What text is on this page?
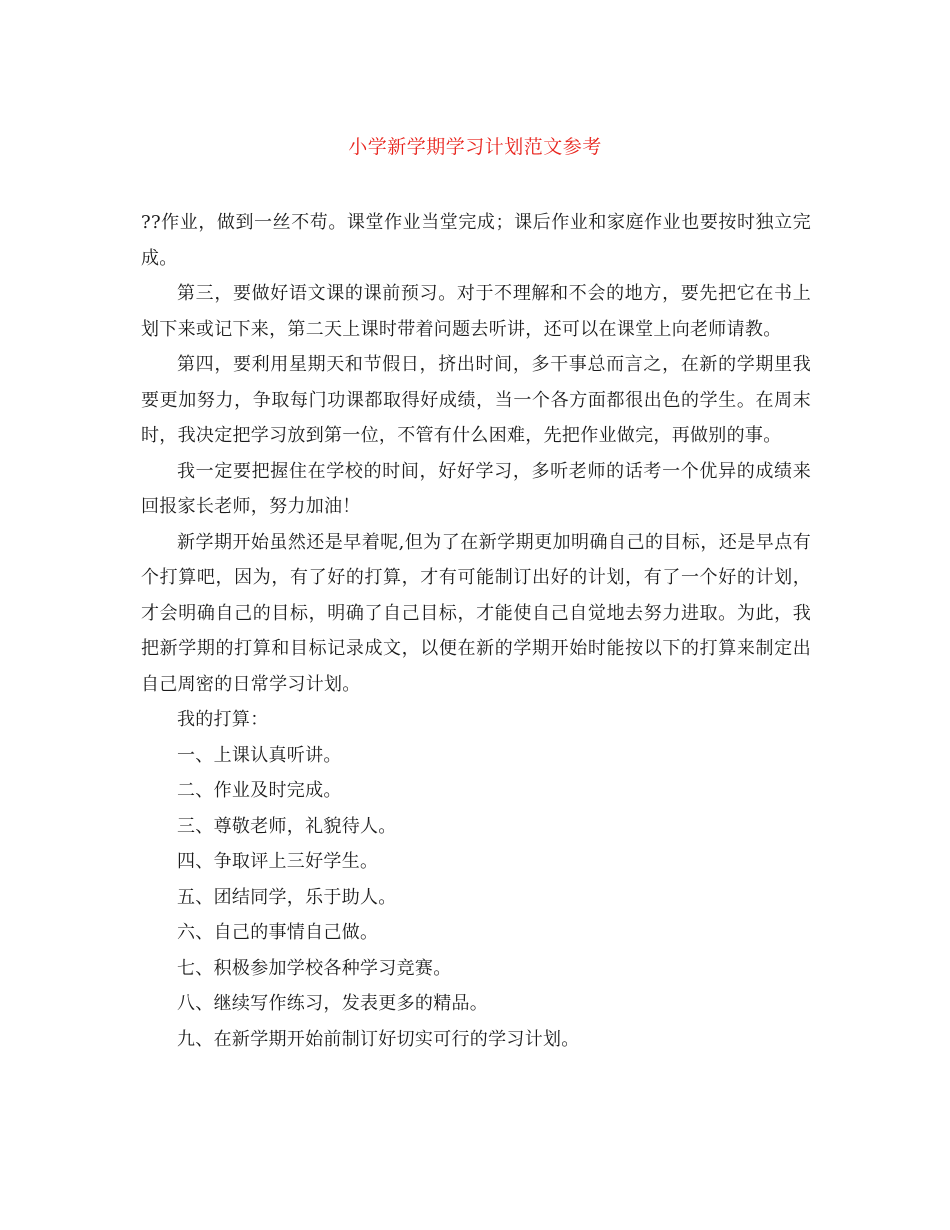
小学新学期学习计划范文参考

??作业，做到一丝不苟。课堂作业当堂完成；课后作业和家庭作业也要按时独立完成。

第三，要做好语文课的课前预习。对于不理解和不会的地方，要先把它在书上划下来或记下来，第二天上课时带着问题去听讲，还可以在课堂上向老师请教。

第四，要利用星期天和节假日，挤出时间，多干事总而言之，在新的学期里我要更加努力，争取每门功课都取得好成绩，当一个各方面都很出色的学生。在周末时，我决定把学习放到第一位，不管有什么困难，先把作业做完，再做别的事。

我一定要把握住在学校的时间，好好学习，多听老师的话考一个优异的成绩来回报家长老师，努力加油！

新学期开始虽然还是早着呢,但为了在新学期更加明确自己的目标，还是早点有个打算吧，因为，有了好的打算，才有可能制订出好的计划，有了一个好的计划，才会明确自己的目标，明确了自己目标，才能使自己自觉地去努力进取。为此，我把新学期的打算和目标记录成文，以便在新的学期开始时能按以下的打算来制定出自己周密的日常学习计划。

我的打算：

一、上课认真听讲。

二、作业及时完成。

三、尊敬老师，礼貌待人。

四、争取评上三好学生。

五、团结同学，乐于助人。

六、自己的事情自己做。

七、积极参加学校各种学习竞赛。

八、继续写作练习，发表更多的精品。

九、在新学期开始前制订好切实可行的学习计划。
